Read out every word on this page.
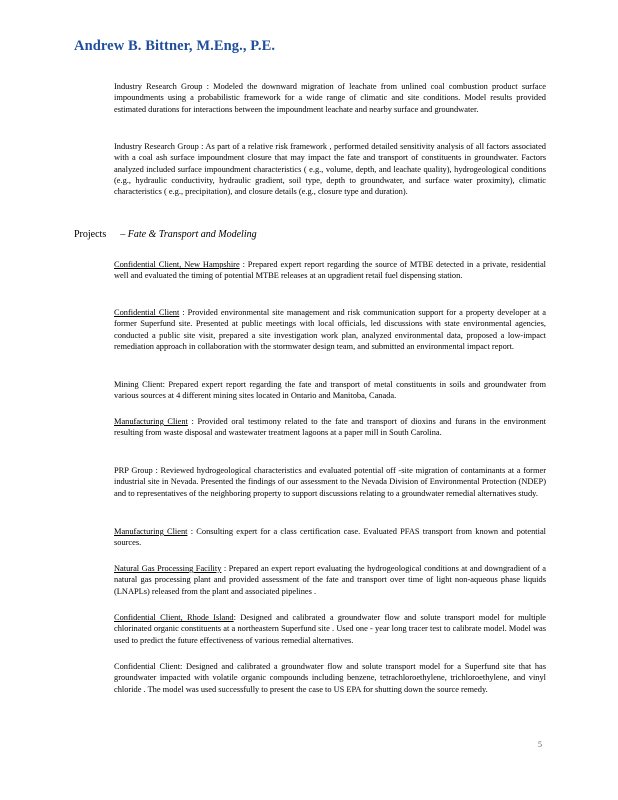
Andrew B. Bittner, M.Eng., P.E.

Industry Research Group : Modeled the downward migration of leachate from unlined coal combustion product surface impoundments using a probabilistic framework for a wide range of climatic and site conditions. Model results provided estimated durations for interactions between the impoundment leachate and nearby surface and groundwater.

Industry Research Group : As part of a relative risk framework , performed detailed sensitivity analysis of all factors associated with a coal ash surface impoundment closure that may impact the fate and transport of constituents in groundwater. Factors analyzed included surface impoundment characteristics ( e.g., volume, depth, and leachate quality), hydrogeological conditions (e.g., hydraulic conductivity, hydraulic gradient, soil type, depth to groundwater, and surface water proximity), climatic characteristics ( e.g., precipitation), and closure details (e.g., closure type and duration).

Projects – Fate & Transport and Modeling

Confidential Client, New Hampshire : Prepared expert report regarding the source of MTBE detected in a private, residential well and evaluated the timing of potential MTBE releases at an upgradient retail fuel dispensing station.

Confidential Client : Provided environmental site management and risk communication support for a property developer at a former Superfund site. Presented at public meetings with local officials, led discussions with state environmental agencies, conducted a public site visit, prepared a site investigation work plan, analyzed environmental data, proposed a low-impact remediation approach in collaboration with the stormwater design team, and submitted an environmental impact report.

Mining Client: Prepared expert report regarding the fate and transport of metal constituents in soils and groundwater from various sources at 4 different mining sites located in Ontario and Manitoba, Canada.

Manufacturing Client : Provided oral testimony related to the fate and transport of dioxins and furans in the environment resulting from waste disposal and wastewater treatment lagoons at a paper mill in South Carolina.

PRP Group : Reviewed hydrogeological characteristics and evaluated potential off -site migration of contaminants at a former industrial site in Nevada. Presented the findings of our assessment to the Nevada Division of Environmental Protection (NDEP) and to representatives of the neighboring property to support discussions relating to a groundwater remedial alternatives study.

Manufacturing Client : Consulting expert for a class certification case. Evaluated PFAS transport from known and potential sources.

Natural Gas Processing Facility : Prepared an expert report evaluating the hydrogeological conditions at and downgradient of a natural gas processing plant and provided assessment of the fate and transport over time of light non-aqueous phase liquids (LNAPLs) released from the plant and associated pipelines .

Confidential Client, Rhode Island: Designed and calibrated a groundwater flow and solute transport model for multiple chlorinated organic constituents at a northeastern Superfund site . Used one - year long tracer test to calibrate model. Model was used to predict the future effectiveness of various remedial alternatives.

Confidential Client: Designed and calibrated a groundwater flow and solute transport model for a Superfund site that has groundwater impacted with volatile organic compounds including benzene, tetrachloroethylene, trichloroethylene, and vinyl chloride . The model was used successfully to present the case to US EPA for shutting down the source remedy.

5
